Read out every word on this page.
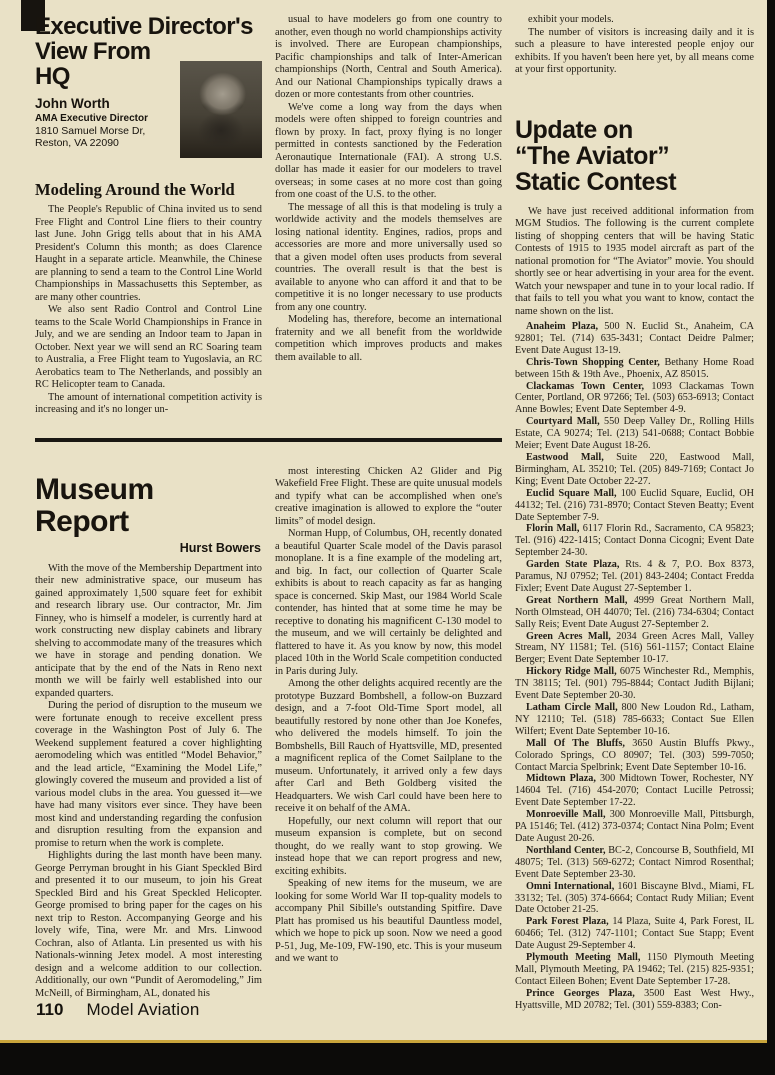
Executive Director's
View From
HQ
John Worth
AMA Executive Director
1810 Samuel Morse Dr,
Reston, VA 22090
Modeling Around the World

The People's Republic of China invited us to send Free Flight and Control Line fliers to their country last June. John Grigg tells about that in his AMA President's Column this month; as does Clarence Haught in a separate article. Meanwhile, the Chinese are planning to send a team to the Control Line World Championships in Massachusetts this September, as are many other countries.

We also sent Radio Control and Control Line teams to the Scale World Championships in France in July, and we are sending an Indoor team to Japan in October. Next year we will send an RC Soaring team to Australia, a Free Flight team to Yugoslavia, an RC Aerobatics team to The Netherlands, and possibly an RC Helicopter team to Canada.

The amount of international competition activity is increasing and it's no longer un-

usual to have modelers go from one country to another, even though no world championships activity is involved. There are European championships, Pacific championships and talk of Inter-American championships (North, Central and South America). And our National Championships typically draws a dozen or more contestants from other countries.

We've come a long way from the days when models were often shipped to foreign countries and flown by proxy. In fact, proxy flying is no longer permitted in contests sanctioned by the Federation Aeronautique Internationale (FAI). A strong U.S. dollar has made it easier for our modelers to travel overseas; in some cases at no more cost than going from one coast of the U.S. to the other.

The message of all this is that modeling is truly a worldwide activity and the models themselves are losing national identity. Engines, radios, props and accessories are more and more universally used so that a given model often uses products from several countries. The overall result is that the best is available to anyone who can afford it and that to be competitive it is no longer necessary to use products from any one country.

Modeling has, therefore, become an international fraternity and we all benefit from the worldwide competition which improves products and makes them available to all.

Museum Report
Hurst Bowers

With the move of the Membership Department into their new administrative space, our museum has gained approximately 1,500 square feet for exhibit and research library use. Our contractor, Mr. Jim Finney, who is himself a modeler, is currently hard at work constructing new display cabinets and library shelving to accommodate many of the treasures which we have in storage and pending donation. We anticipate that by the end of the Nats in Reno next month we will be fairly well established into our expanded quarters.

During the period of disruption to the museum we were fortunate enough to receive excellent press coverage in the Washington Post of July 6. The Weekend supplement featured a cover highlighting aeromodeling which was entitled “Model Behavior,” and the lead article, “Examining the Model Life,” glowingly covered the museum and provided a list of various model clubs in the area. You guessed it—we have had many visitors ever since. They have been most kind and understanding regarding the confusion and disruption resulting from the expansion and promise to return when the work is complete.

Highlights during the last month have been many. George Perryman brought in his Giant Speckled Bird and presented it to our museum, to join his Great Speckled Bird and his Great Speckled Helicopter. George promised to bring paper for the cages on his next trip to Reston. Accompanying George and his lovely wife, Tina, were Mr. and Mrs. Linwood Cochran, also of Atlanta. Lin presented us with his Nationals-winning Jetex model. A most interesting design and a welcome addition to our collection. Additionally, our own “Pundit of Aeromodeling,” Jim McNeill, of Birmingham, AL, donated his

most interesting Chicken A2 Glider and Pig Wakefield Free Flight. These are quite unusual models and typify what can be accomplished when one's creative imagination is allowed to explore the “outer limits” of model design.

Norman Hupp, of Columbus, OH, recently donated a beautiful Quarter Scale model of the Davis parasol monoplane. It is a fine example of the modeling art, and big. In fact, our collection of Quarter Scale exhibits is about to reach capacity as far as hanging space is concerned. Skip Mast, our 1984 World Scale contender, has hinted that at some time he may be receptive to donating his magnificent C-130 model to the museum, and we will certainly be delighted and flattered to have it. As you know by now, this model placed 10th in the World Scale competition conducted in Paris during July.

Among the other delights acquired recently are the prototype Buzzard Bombshell, a follow-on Buzzard design, and a 7-foot Old-Time Sport model, all beautifully restored by none other than Joe Konefes, who delivered the models himself. To join the Bombshells, Bill Rauch of Hyattsville, MD, presented a magnificent replica of the Comet Sailplane to the museum. Unfortunately, it arrived only a few days after Carl and Beth Goldberg visited the Headquarters. We wish Carl could have been here to receive it on behalf of the AMA.

Hopefully, our next column will report that our museum expansion is complete, but on second thought, do we really want to stop growing. We instead hope that we can report progress and new, exciting exhibits.

Speaking of new items for the museum, we are looking for some World War II top-quality models to accompany Phil Sibille's outstanding Spitfire. Dave Platt has promised us his beautiful Dauntless model, which we hope to pick up soon. Now we need a good P-51, Jug, Me-109, FW-190, etc. This is your museum and we want to

exhibit your models.

The number of visitors is increasing daily and it is such a pleasure to have interested people enjoy our exhibits. If you haven't been here yet, by all means come at your first opportunity.

Update on
“The Aviator”
Static Contest

We have just received additional information from MGM Studios. The following is the current complete listing of shopping centers that will be having Static Contests of 1915 to 1935 model aircraft as part of the national promotion for “The Aviator” movie. You should shortly see or hear advertising in your area for the event. Watch your newspaper and tune in to your local radio. If that fails to tell you what you want to know, contact the name shown on the list.

Anaheim Plaza, 500 N. Euclid St., Anaheim, CA 92801; Tel. (714) 635-3431; Contact Deidre Palmer; Event Date August 13-19.

Chris-Town Shopping Center, Bethany Home Road between 15th & 19th Ave., Phoenix, AZ 85015.

Clackamas Town Center, 1093 Clackamas Town Center, Portland, OR 97266; Tel. (503) 653-6913; Contact Anne Bowles; Event Date September 4-9.

Courtyard Mall, 550 Deep Valley Dr., Rolling Hills Estate, CA 90274; Tel. (213) 541-0688; Contact Bobbie Meier; Event Date August 18-26.

Eastwood Mall, Suite 220, Eastwood Mall, Birmingham, AL 35210; Tel. (205) 849-7169; Contact Jo King; Event Date October 22-27.

Euclid Square Mall, 100 Euclid Square, Euclid, OH 44132; Tel. (216) 731-8970; Contact Steven Beatty; Event Date September 7-9.

Florin Mall, 6117 Florin Rd., Sacramento, CA 95823; Tel. (916) 422-1415; Contact Donna Cicogni; Event Date September 24-30.

Garden State Plaza, Rts. 4 & 7, P.O. Box 8373, Paramus, NJ 07952; Tel. (201) 843-2404; Contact Fredda Fixler; Event Date August 27-September 1.

Great Northern Mall, 4999 Great Northern Mall, North Olmstead, OH 44070; Tel. (216) 734-6304; Contact Sally Reis; Event Date August 27-September 2.

Green Acres Mall, 2034 Green Acres Mall, Valley Stream, NY 11581; Tel. (516) 561-1157; Contact Elaine Berger; Event Date September 10-17.

Hickory Ridge Mall, 6075 Winchester Rd., Memphis, TN 38115; Tel. (901) 795-8844; Contact Judith Bijlani; Event Date September 20-30.

Latham Circle Mall, 800 New Loudon Rd., Latham, NY 12110; Tel. (518) 785-6633; Contact Sue Ellen Wilfert; Event Date September 10-16.

Mall Of The Bluffs, 3650 Austin Bluffs Pkwy., Colorado Springs, CO 80907; Tel. (303) 599-7050; Contact Marcia Spelbrink; Event Date September 10-16.

Midtown Plaza, 300 Midtown Tower, Rochester, NY 14604 Tel. (716) 454-2070; Contact Lucille Petrossi; Event Date September 17-22.

Monroeville Mall, 300 Monroeville Mall, Pittsburgh, PA 15146; Tel. (412) 373-0374; Contact Nina Polm; Event Date August 20-26.

Northland Center, BC-2, Concourse B, Southfield, MI 48075; Tel. (313) 569-6272; Contact Nimrod Rosenthal; Event Date September 23-30.

Omni International, 1601 Biscayne Blvd., Miami, FL 33132; Tel. (305) 374-6664; Contact Rudy Milian; Event Date October 21-25.

Park Forest Plaza, 14 Plaza, Suite 4, Park Forest, IL 60466; Tel. (312) 747-1101; Contact Sue Stapp; Event Date August 29-September 4.

Plymouth Meeting Mall, 1150 Plymouth Meeting Mall, Plymouth Meeting, PA 19462; Tel. (215) 825-9351; Contact Eileen Bohen; Event Date September 17-28.

Prince Georges Plaza, 3500 East West Hwy., Hyattsville, MD 20782; Tel. (301) 559-8383; Con-

110 Model Aviation
